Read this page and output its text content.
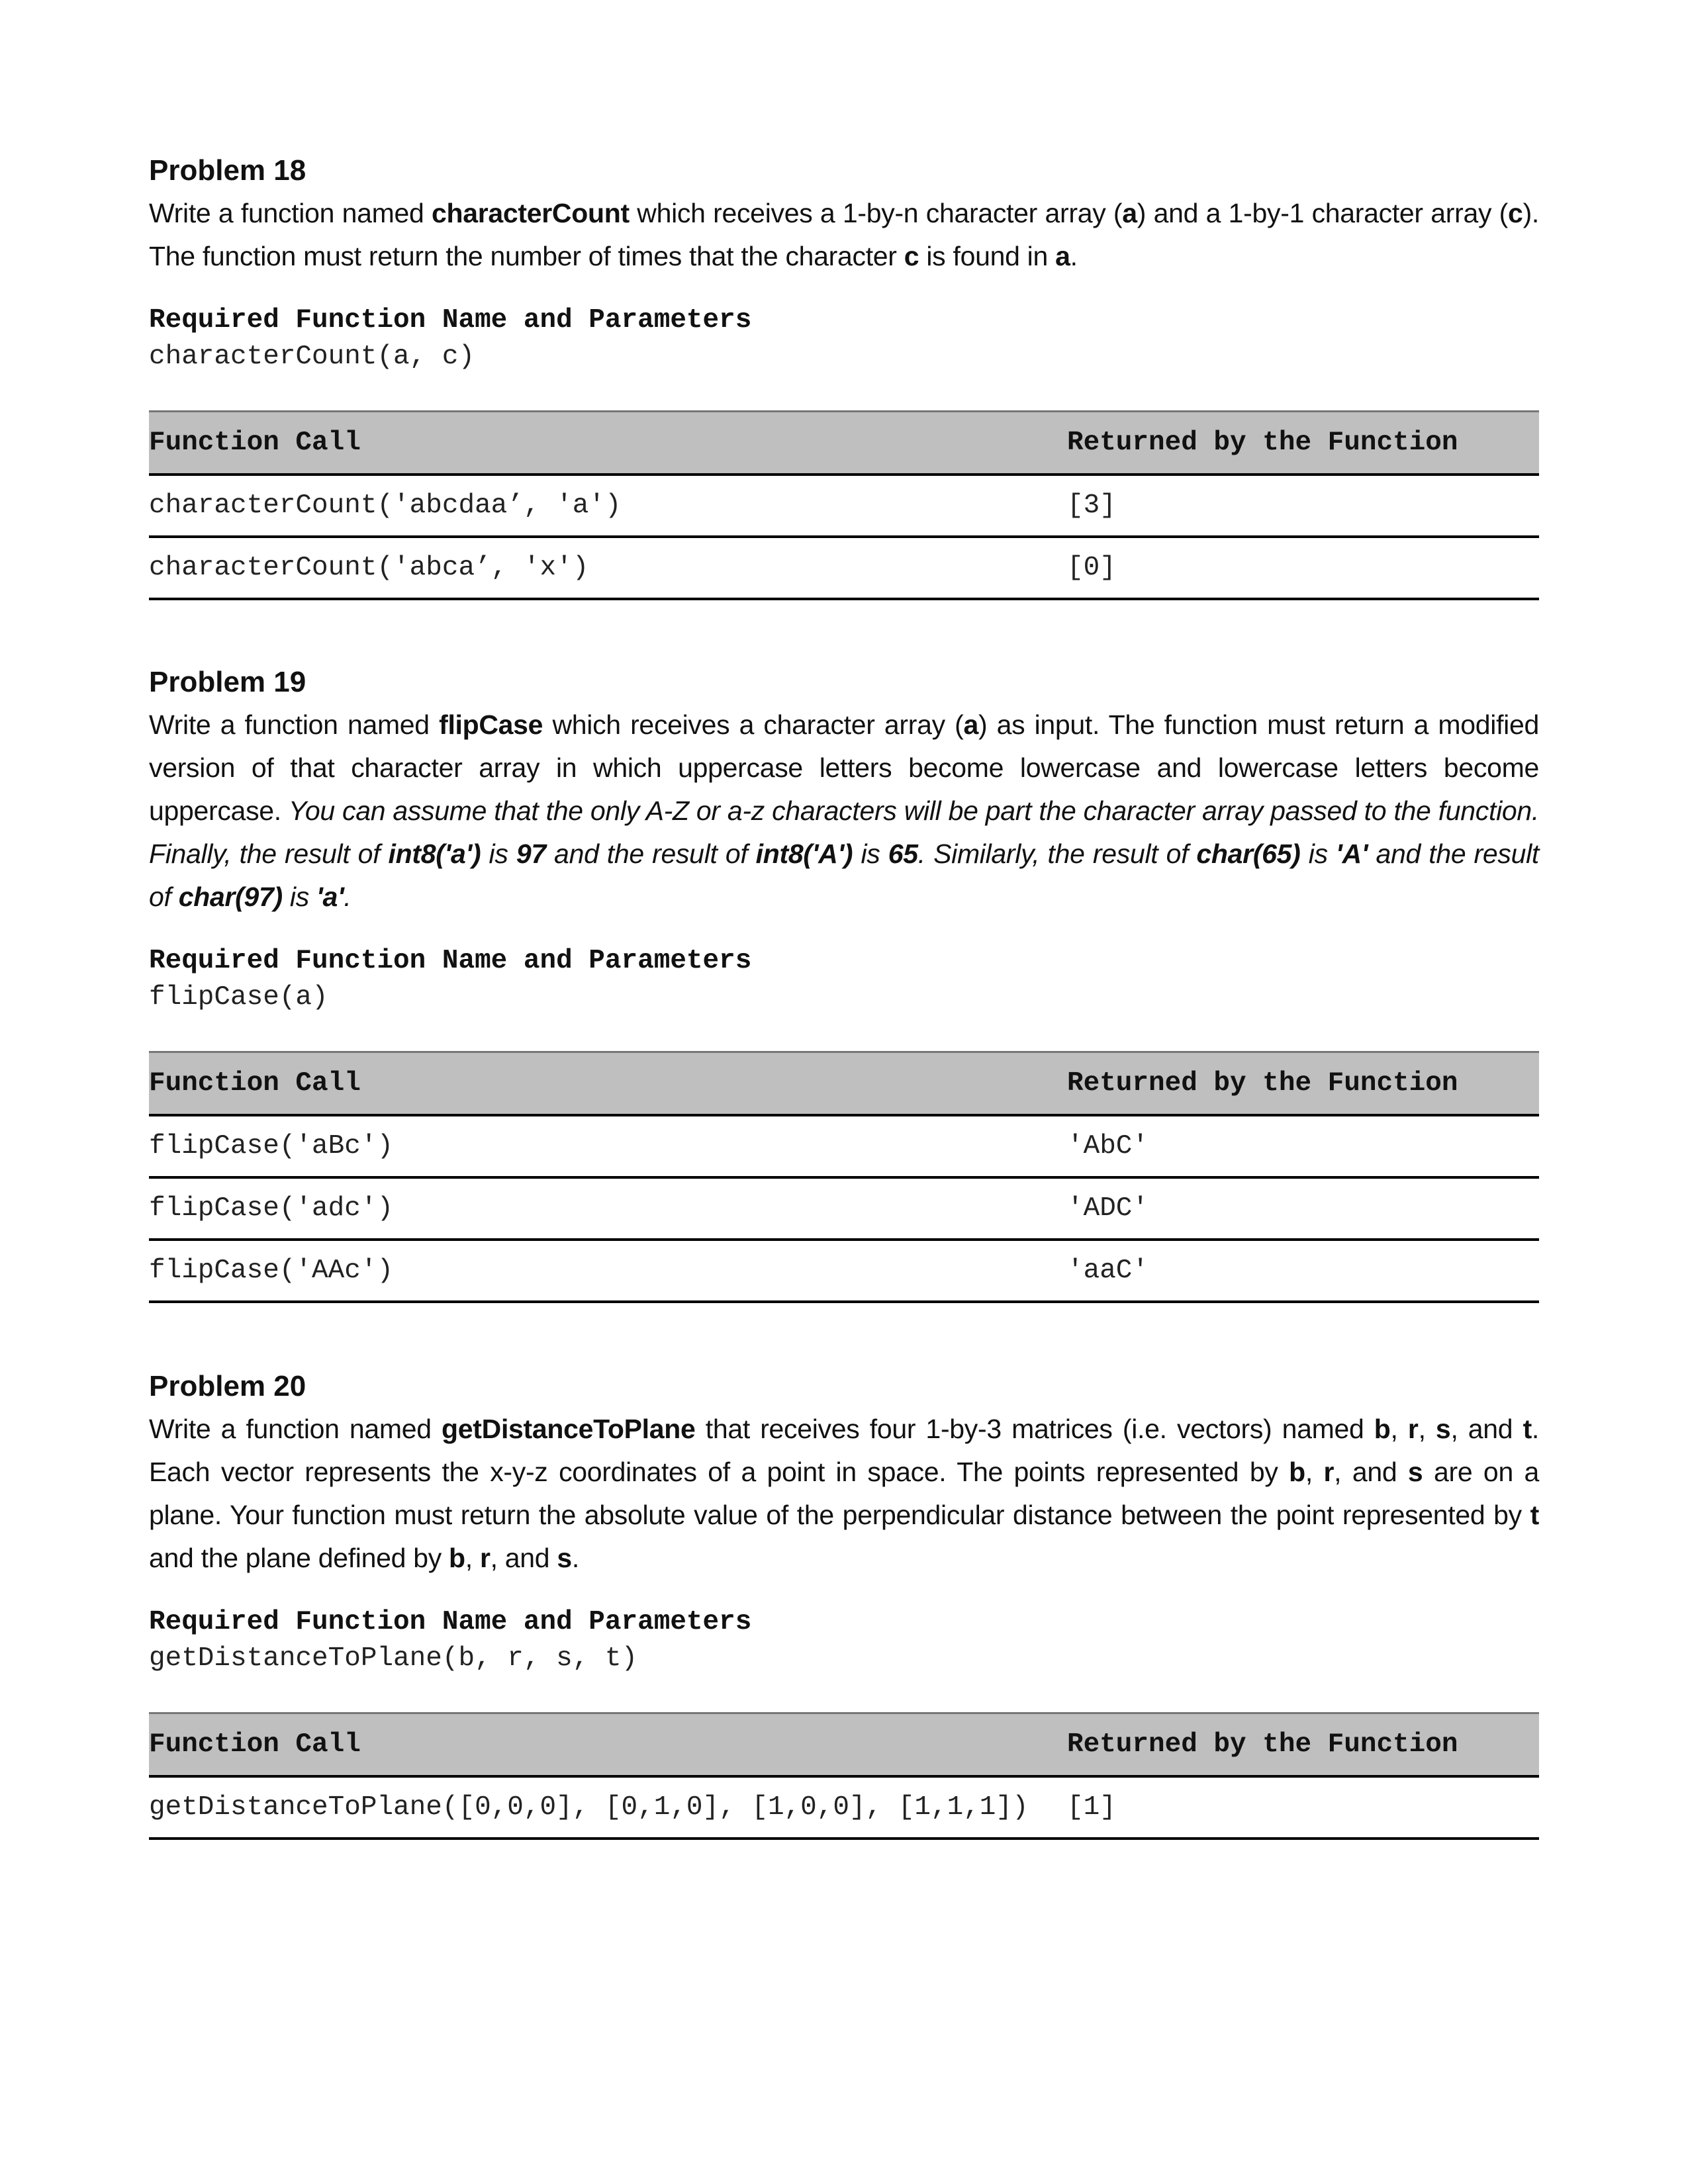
Problem 18
Write a function named characterCount which receives a 1-by-n character array (a) and a 1-by-1 character array (c). The function must return the number of times that the character c is found in a.
Required Function Name and Parameters
characterCount(a, c)
Function Call	Returned by the Function
characterCount('abcdaa’, 'a')	[3]
characterCount('abca’, 'x')	[0]
Problem 19
Write a function named flipCase which receives a character array (a) as input. The function must return a modified version of that character array in which uppercase letters become lowercase and lowercase letters become uppercase. You can assume that the only A-Z or a-z characters will be part the character array passed to the function. Finally, the result of int8('a') is 97 and the result of int8('A') is 65. Similarly, the result of char(65) is 'A' and the result of char(97) is 'a'.
Required Function Name and Parameters
flipCase(a)
Function Call	Returned by the Function
flipCase('aBc')	'AbC'
flipCase('adc')	'ADC'
flipCase('AAc')	'aaC'
Problem 20
Write a function named getDistanceToPlane that receives four 1-by-3 matrices (i.e. vectors) named b, r, s, and t. Each vector represents the x-y-z coordinates of a point in space. The points represented by b, r, and s are on a plane. Your function must return the absolute value of the perpendicular distance between the point represented by t and the plane defined by b, r, and s.
Required Function Name and Parameters
getDistanceToPlane(b, r, s, t)
Function Call	Returned by the Function
getDistanceToPlane([0,0,0], [0,1,0], [1,0,0], [1,1,1])	[1]
